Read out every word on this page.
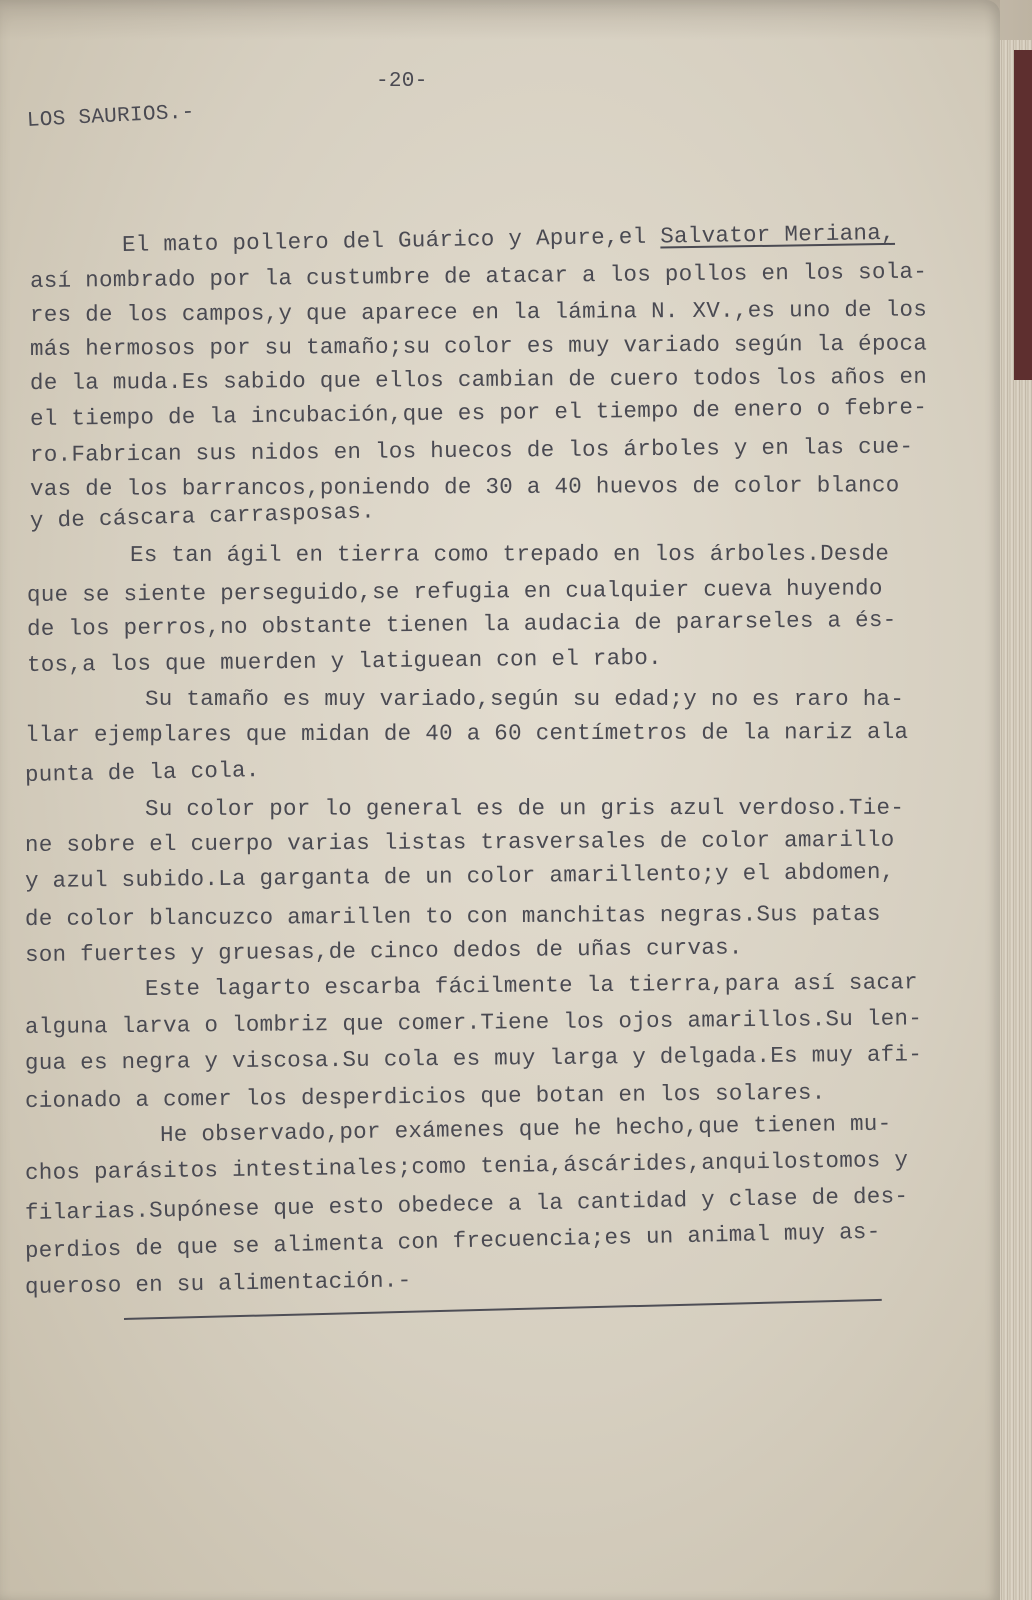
-20-
LOS SAURIOS.-
El mato pollero del Guárico y Apure,el Salvator Meriana,
así nombrado por la custumbre de atacar a los pollos en los sola-
res de los campos,y que aparece en la lámina N. XV.,es uno de los
más hermosos por su tamaño;su color es muy variado según la época
de la muda.Es sabido que ellos cambian de cuero todos los años en
el tiempo de la incubación,que es por el tiempo de enero o febre-
ro.Fabrican sus nidos en los huecos de los árboles y en las cue-
vas de los barrancos,poniendo de 30 a 40 huevos de color blanco
y de cáscara carrasposas.
Es tan ágil en tierra como trepado en los árboles.Desde
que se siente perseguido,se refugia en cualquier cueva huyendo
de los perros,no obstante tienen la audacia de pararseles a és-
tos,a los que muerden y latiguean con el rabo.
Su tamaño es muy variado,según su edad;y no es raro ha-
llar ejemplares que midan de 40 a 60 centímetros de la nariz ala
punta de la cola.
Su color por lo general es de un gris azul verdoso.Tie-
ne sobre el cuerpo varias listas trasversales de color amarillo
y azul subido.La garganta de un color amarillento;y el abdomen,
de color blancuzco amarillen to con manchitas negras.Sus patas
son fuertes y gruesas,de cinco dedos de uñas curvas.
Este lagarto escarba fácilmente la tierra,para así sacar
alguna larva o lombriz que comer.Tiene los ojos amarillos.Su len-
gua es negra y viscosa.Su cola es muy larga y delgada.Es muy afi-
cionado a comer los desperdicios que botan en los solares.
He observado,por exámenes que he hecho,que tienen mu-
chos parásitos intestinales;como tenia,áscárides,anquilostomos y
filarias.Supónese que esto obedece a la cantidad y clase de des-
perdios de que se alimenta con frecuencia;es un animal muy as-
queroso en su alimentación.-
